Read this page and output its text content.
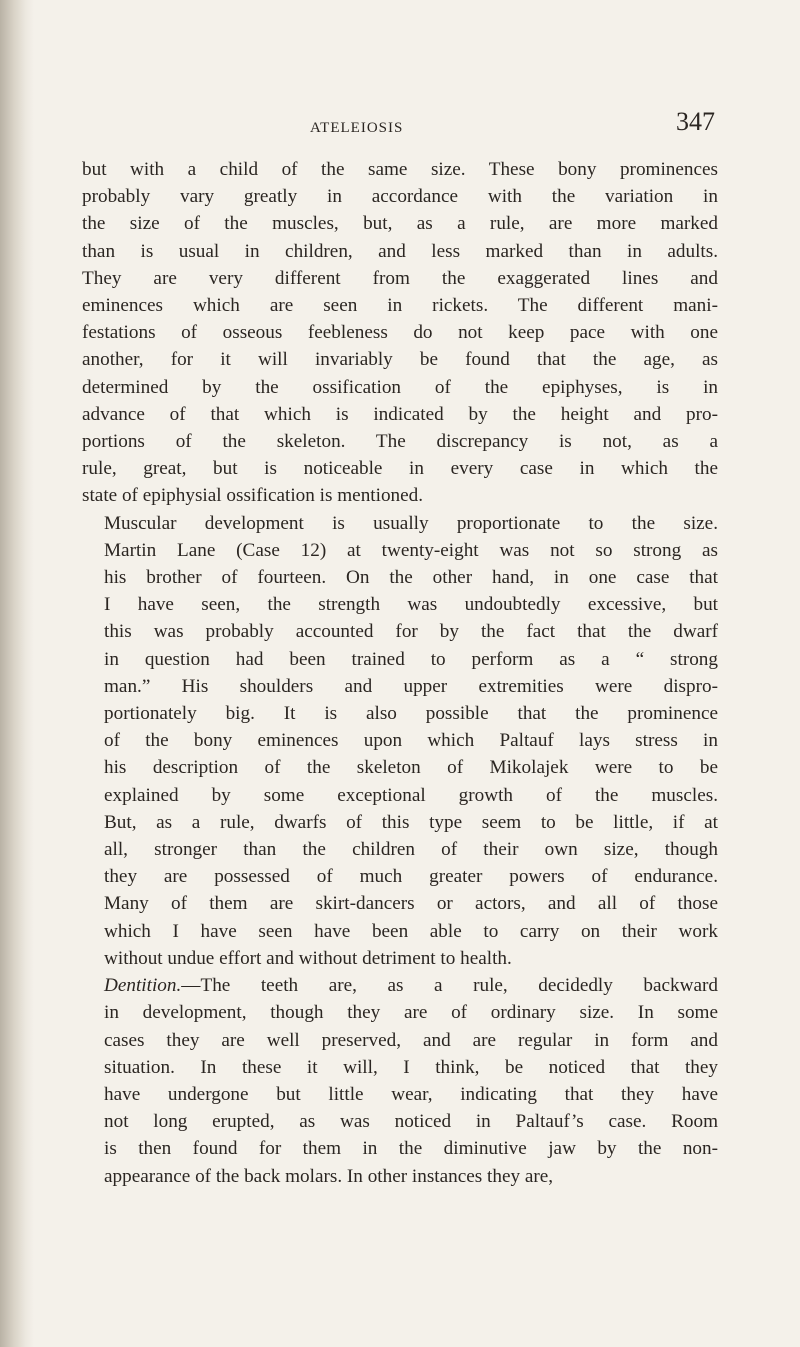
ATELEIOSIS	347

but with a child of the same size. These bony prominences
probably vary greatly in accordance with the variation in
the size of the muscles, but, as a rule, are more marked
than is usual in children, and less marked than in adults.
They are very different from the exaggerated lines and
eminences which are seen in rickets. The different mani-
festations of osseous feebleness do not keep pace with one
another, for it will invariably be found that the age, as
determined by the ossification of the epiphyses, is in
advance of that which is indicated by the height and pro-
portions of the skeleton. The discrepancy is not, as a
rule, great, but is noticeable in every case in which the
state of epiphysial ossification is mentioned.

Muscular development is usually proportionate to the size.
Martin Lane (Case 12) at twenty-eight was not so strong as
his brother of fourteen. On the other hand, in one case that
I have seen, the strength was undoubtedly excessive, but
this was probably accounted for by the fact that the dwarf
in question had been trained to perform as a “ strong
man.” His shoulders and upper extremities were dispro-
portionately big. It is also possible that the prominence
of the bony eminences upon which Paltauf lays stress in
his description of the skeleton of Mikolajek were to be
explained by some exceptional growth of the muscles.
But, as a rule, dwarfs of this type seem to be little, if at
all, stronger than the children of their own size, though
they are possessed of much greater powers of endurance.
Many of them are skirt-dancers or actors, and all of those
which I have seen have been able to carry on their work
without undue effort and without detriment to health.

Dentition.—The teeth are, as a rule, decidedly backward
in development, though they are of ordinary size. In some
cases they are well preserved, and are regular in form and
situation. In these it will, I think, be noticed that they
have undergone but little wear, indicating that they have
not long erupted, as was noticed in Paltauf’s case. Room
is then found for them in the diminutive jaw by the non-
appearance of the back molars. In other instances they are,
